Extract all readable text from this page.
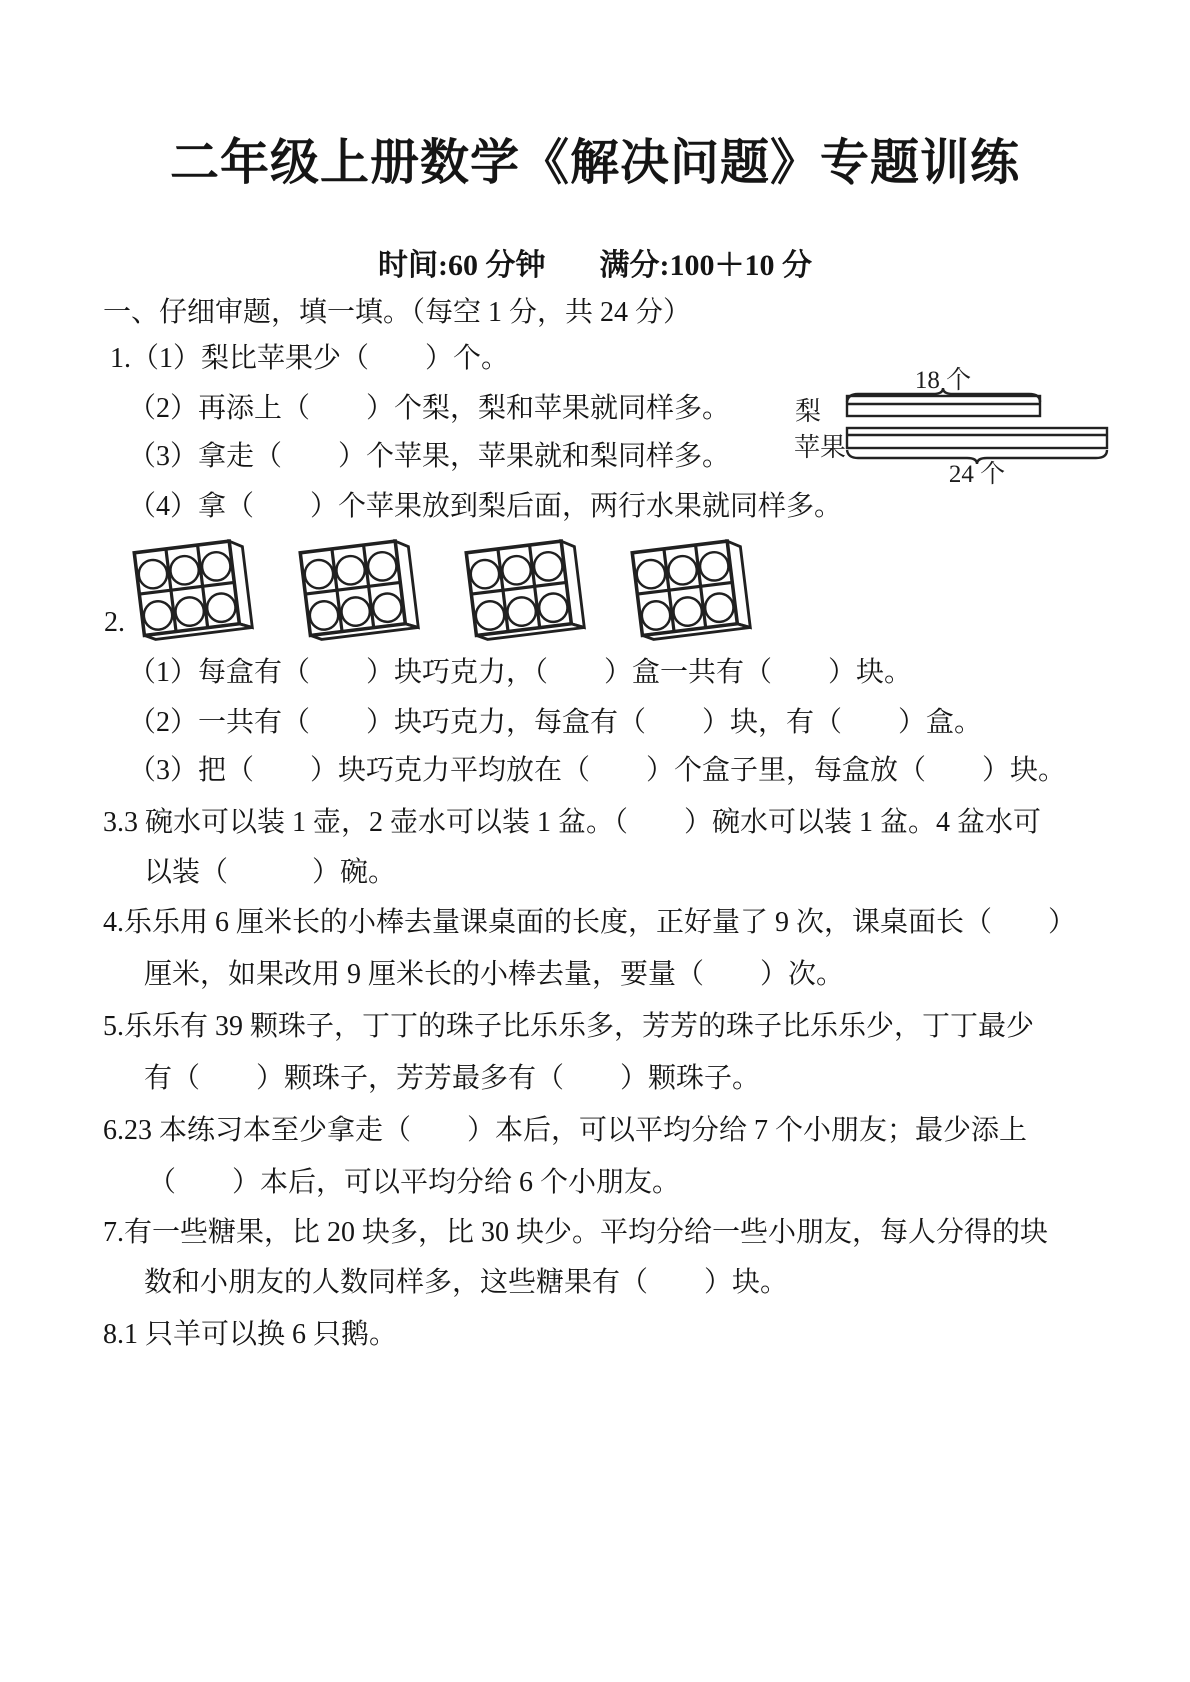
二年级上册数学《解决问题》专题训练
时间:60 分钟 满分:100＋10 分
一、仔细审题，填一填。（每空 1 分，共 24 分）
1.（1）梨比苹果少（　　）个。
（2）再添上（　　）个梨，梨和苹果就同样多。
（3）拿走（　　）个苹果，苹果就和梨同样多。
（4）拿（　　）个苹果放到梨后面，两行水果就同样多。
18 个
梨
苹果
24 个
2.
（1）每盒有（　　）块巧克力，（　　）盒一共有（　　）块。
（2）一共有（　　）块巧克力，每盒有（　　）块，有（　　）盒。
（3）把（　　）块巧克力平均放在（　　）个盒子里，每盒放（　　）块。
3.3 碗水可以装 1 壶，2 壶水可以装 1 盆。（　　）碗水可以装 1 盆。4 盆水可
以装（　　　）碗。
4.乐乐用 6 厘米长的小棒去量课桌面的长度，正好量了 9 次，课桌面长（　　）
厘米，如果改用 9 厘米长的小棒去量，要量（　　）次。
5.乐乐有 39 颗珠子，丁丁的珠子比乐乐多，芳芳的珠子比乐乐少，丁丁最少
有（　　）颗珠子，芳芳最多有（　　）颗珠子。
6.23 本练习本至少拿走（　　）本后，可以平均分给 7 个小朋友；最少添上
（　　）本后，可以平均分给 6 个小朋友。
7.有一些糖果，比 20 块多，比 30 块少。平均分给一些小朋友，每人分得的块
数和小朋友的人数同样多，这些糖果有（　　）块。
8.1 只羊可以换 6 只鹅。
